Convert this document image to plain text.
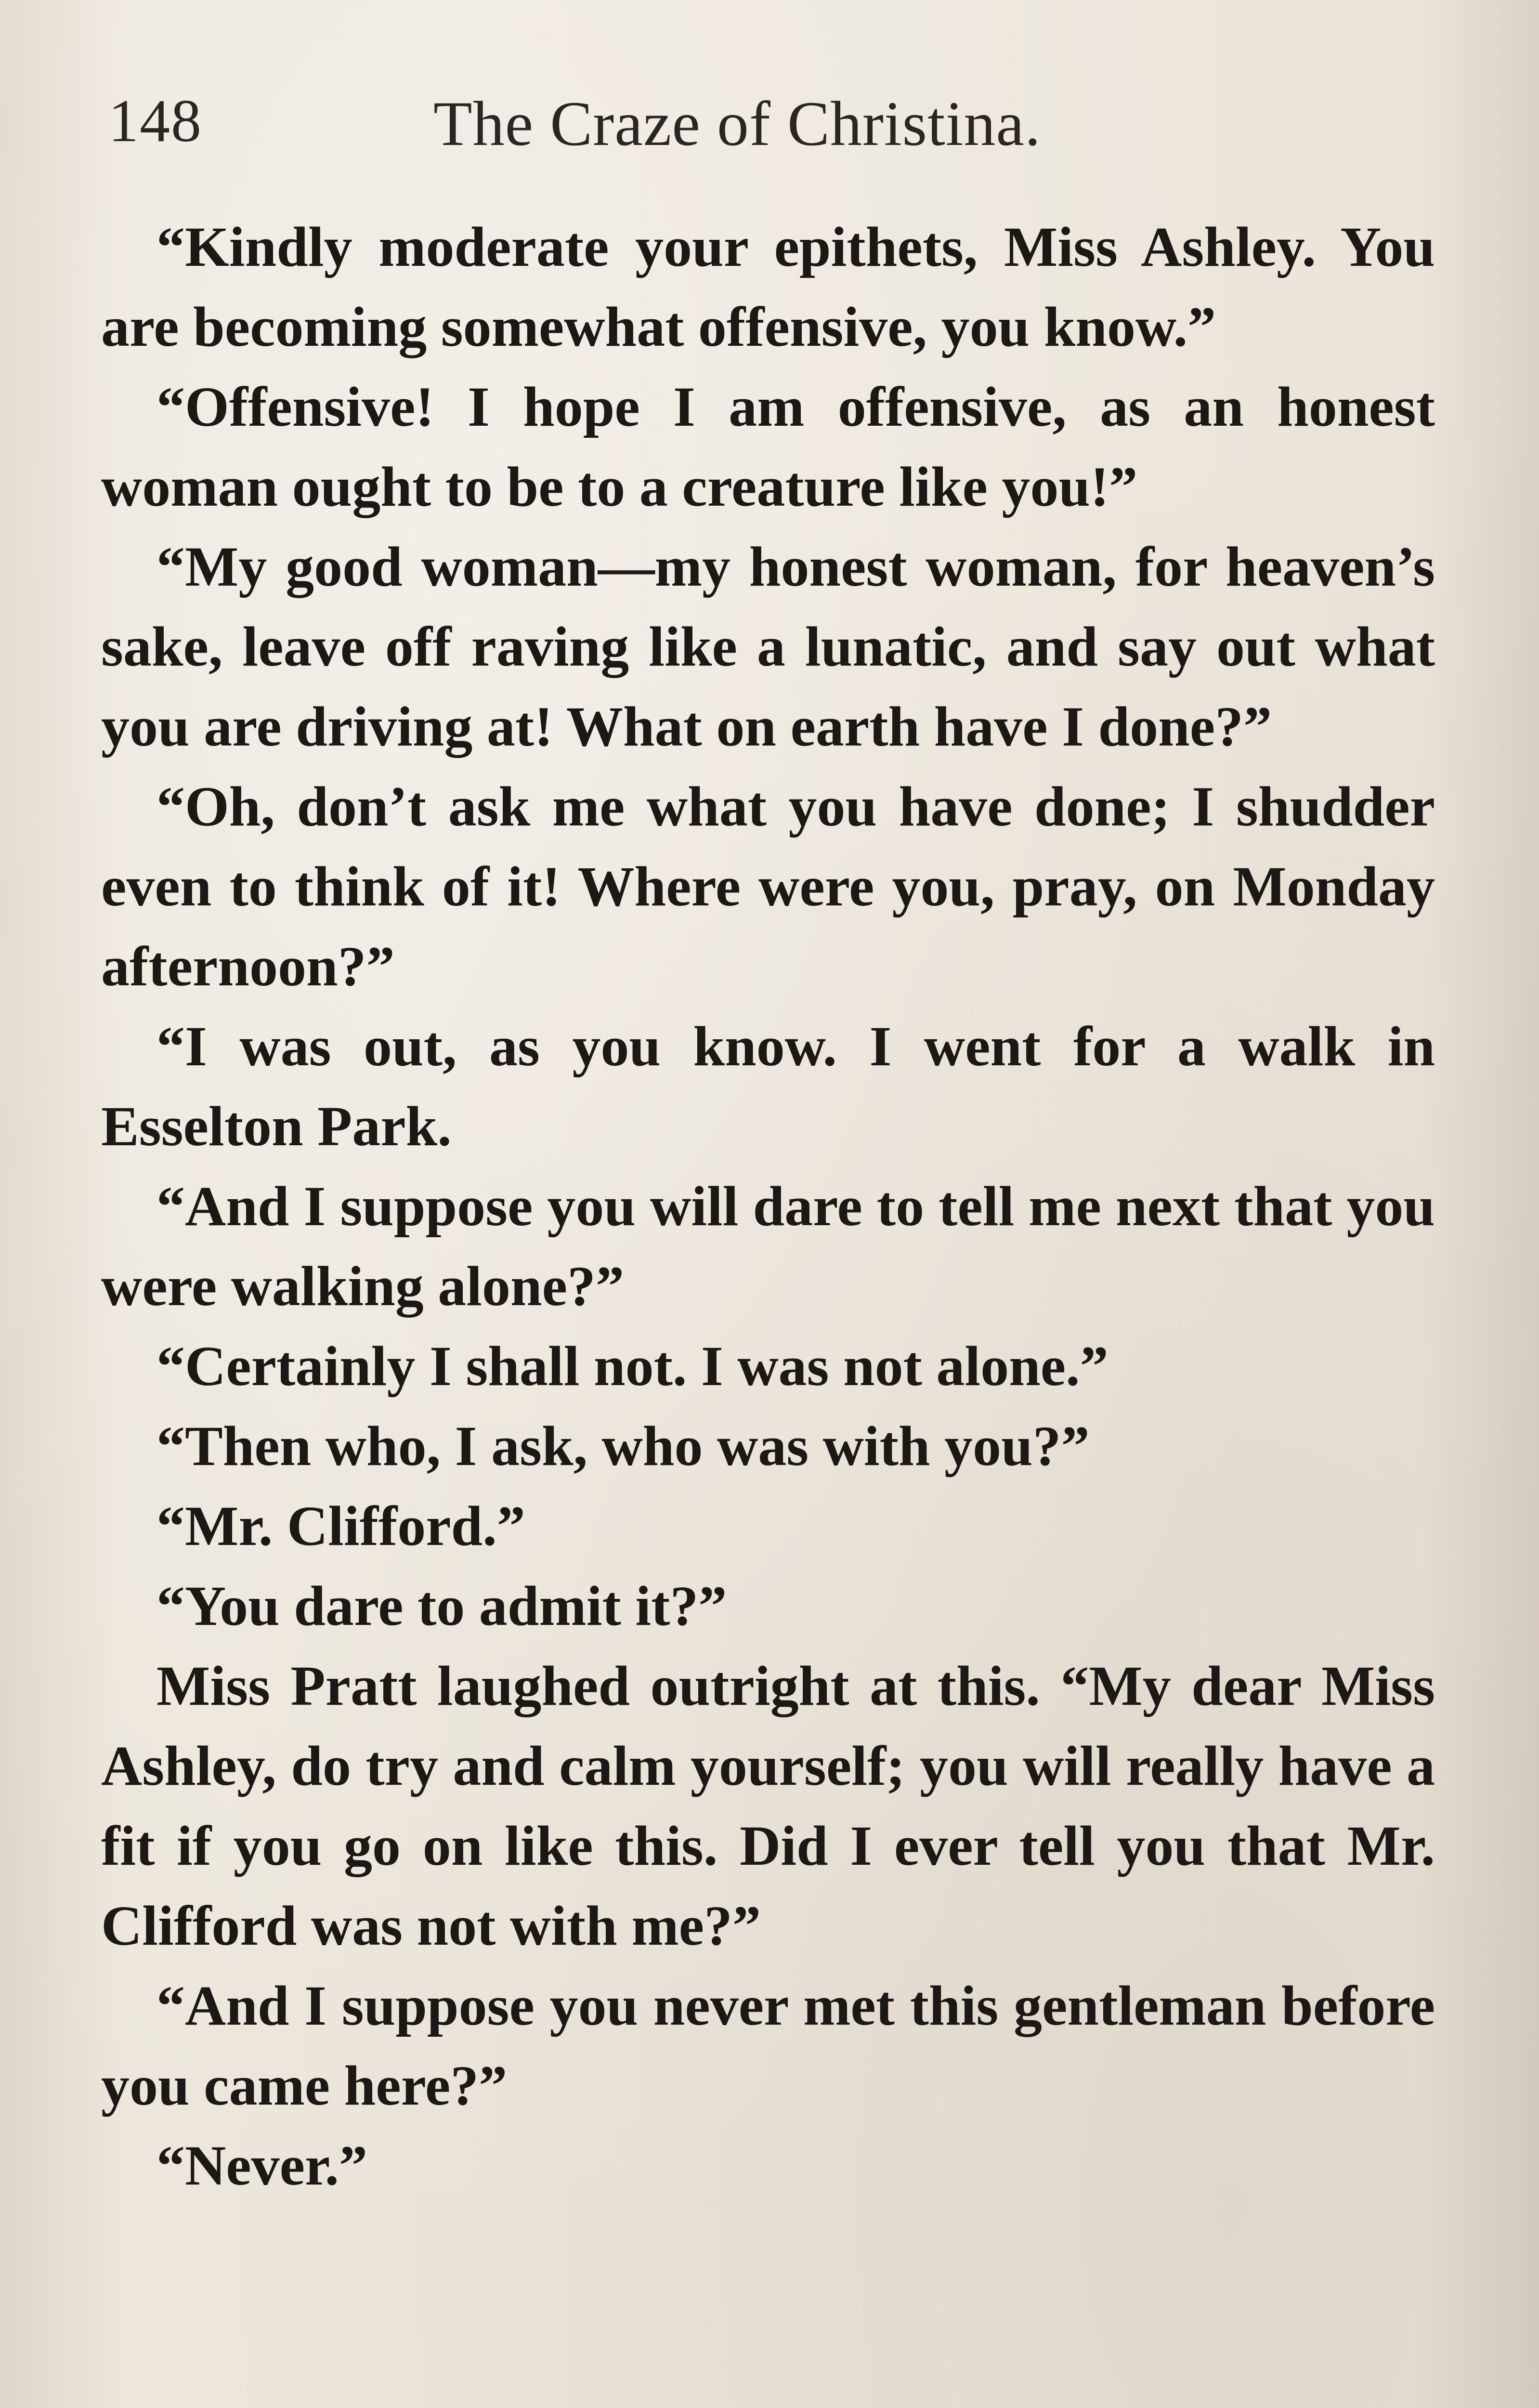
148	The Craze of Christina.

“Kindly moderate your epithets, Miss Ashley. You are becoming somewhat offensive, you know.”

“Offensive! I hope I am offensive, as an honest woman ought to be to a creature like you!”

“My good woman—my honest woman, for heaven’s sake, leave off raving like a lunatic, and say out what you are driving at! What on earth have I done?”

“Oh, don’t ask me what you have done; I shudder even to think of it! Where were you, pray, on Monday afternoon?”

“I was out, as you know. I went for a walk in Esselton Park.

“And I suppose you will dare to tell me next that you were walking alone?”

“Certainly I shall not. I was not alone.”

“Then who, I ask, who was with you?”

“Mr. Clifford.”

“You dare to admit it?”

Miss Pratt laughed outright at this. “My dear Miss Ashley, do try and calm yourself; you will really have a fit if you go on like this. Did I ever tell you that Mr. Clifford was not with me?”

“And I suppose you never met this gentleman before you came here?”

“Never.”
